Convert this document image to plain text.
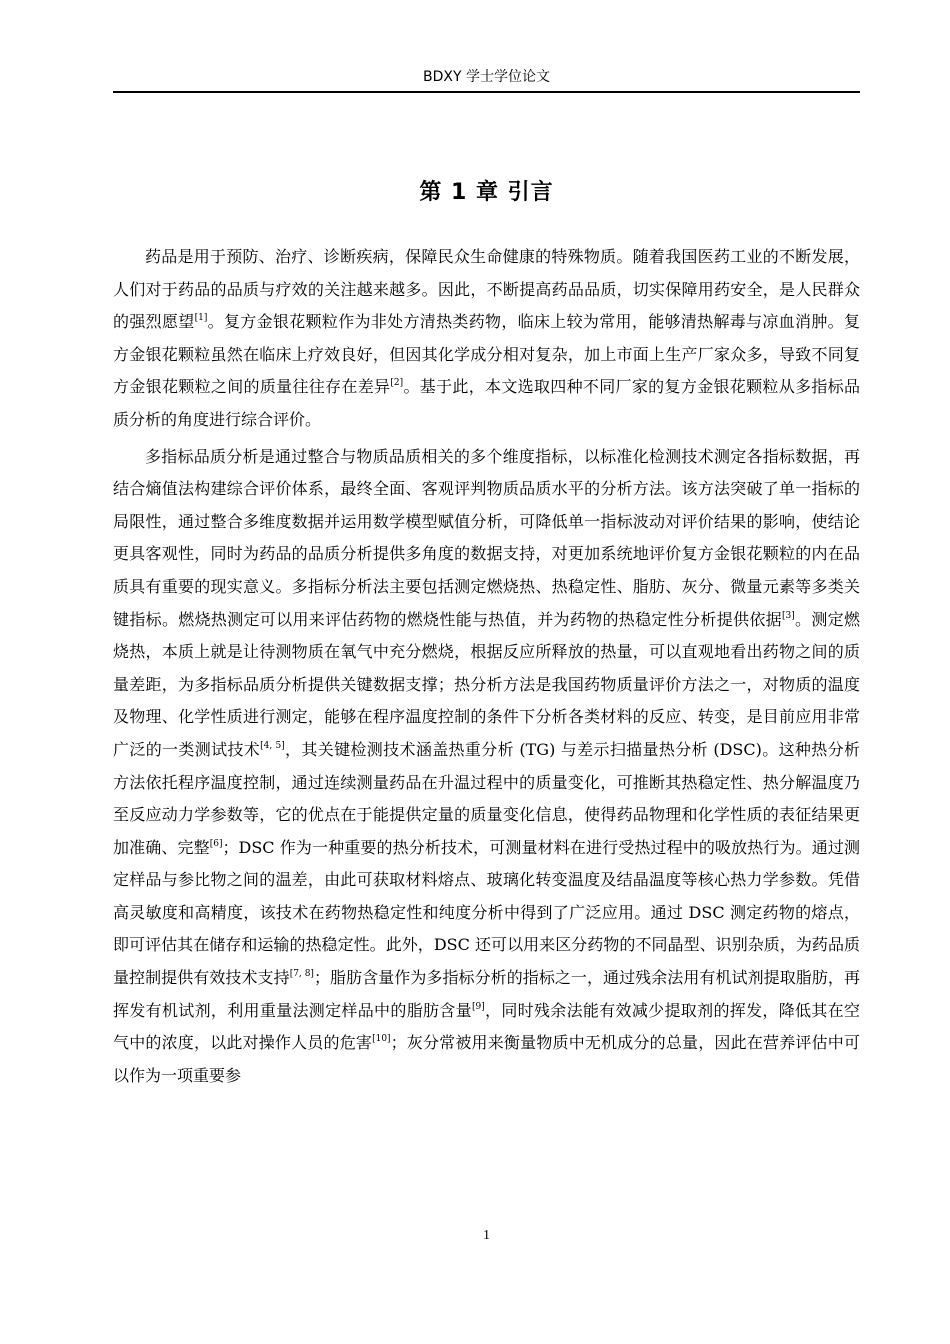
BDXY 学士学位论文
第 1 章 引言

药品是用于预防、治疗、诊断疾病，保障民众生命健康的特殊物质。随着我国医药工业的不断发展，人们对于药品的品质与疗效的关注越来越多。因此，不断提高药品品质，切实保障用药安全，是人民群众的强烈愿望[1]。复方金银花颗粒作为非处方清热类药物，临床上较为常用，能够清热解毒与凉血消肿。复方金银花颗粒虽然在临床上疗效良好，但因其化学成分相对复杂，加上市面上生产厂家众多，导致不同复方金银花颗粒之间的质量往往存在差异[2]。基于此，本文选取四种不同厂家的复方金银花颗粒从多指标品质分析的角度进行综合评价。

多指标品质分析是通过整合与物质品质相关的多个维度指标，以标准化检测技术测定各指标数据，再结合熵值法构建综合评价体系，最终全面、客观评判物质品质水平的分析方法。该方法突破了单一指标的局限性，通过整合多维度数据并运用数学模型赋值分析，可降低单一指标波动对评价结果的影响，使结论更具客观性，同时为药品的品质分析提供多角度的数据支持，对更加系统地评价复方金银花颗粒的内在品质具有重要的现实意义。多指标分析法主要包括测定燃烧热、热稳定性、脂肪、灰分、微量元素等多类关键指标。燃烧热测定可以用来评估药物的燃烧性能与热值，并为药物的热稳定性分析提供依据[3]。测定燃烧热，本质上就是让待测物质在氧气中充分燃烧，根据反应所释放的热量，可以直观地看出药物之间的质量差距，为多指标品质分析提供关键数据支撑；热分析方法是我国药物质量评价方法之一，对物质的温度及物理、化学性质进行测定，能够在程序温度控制的条件下分析各类材料的反应、转变，是目前应用非常广泛的一类测试技术[4, 5]，其关键检测技术涵盖热重分析 (TG) 与差示扫描量热分析 (DSC)。这种热分析方法依托程序温度控制，通过连续测量药品在升温过程中的质量变化，可推断其热稳定性、热分解温度乃至反应动力学参数等，它的优点在于能提供定量的质量变化信息，使得药品物理和化学性质的表征结果更加准确、完整[6]；DSC 作为一种重要的热分析技术，可测量材料在进行受热过程中的吸放热行为。通过测定样品与参比物之间的温差，由此可获取材料熔点、玻璃化转变温度及结晶温度等核心热力学参数。凭借高灵敏度和高精度，该技术在药物热稳定性和纯度分析中得到了广泛应用。通过 DSC 测定药物的熔点，即可评估其在储存和运输的热稳定性。此外，DSC 还可以用来区分药物的不同晶型、识别杂质，为药品质量控制提供有效技术支持[7, 8]；脂肪含量作为多指标分析的指标之一，通过残余法用有机试剂提取脂肪，再挥发有机试剂，利用重量法测定样品中的脂肪含量[9]，同时残余法能有效减少提取剂的挥发，降低其在空气中的浓度，以此对操作人员的危害[10]；灰分常被用来衡量物质中无机成分的总量，因此在营养评估中可以作为一项重要参

1
